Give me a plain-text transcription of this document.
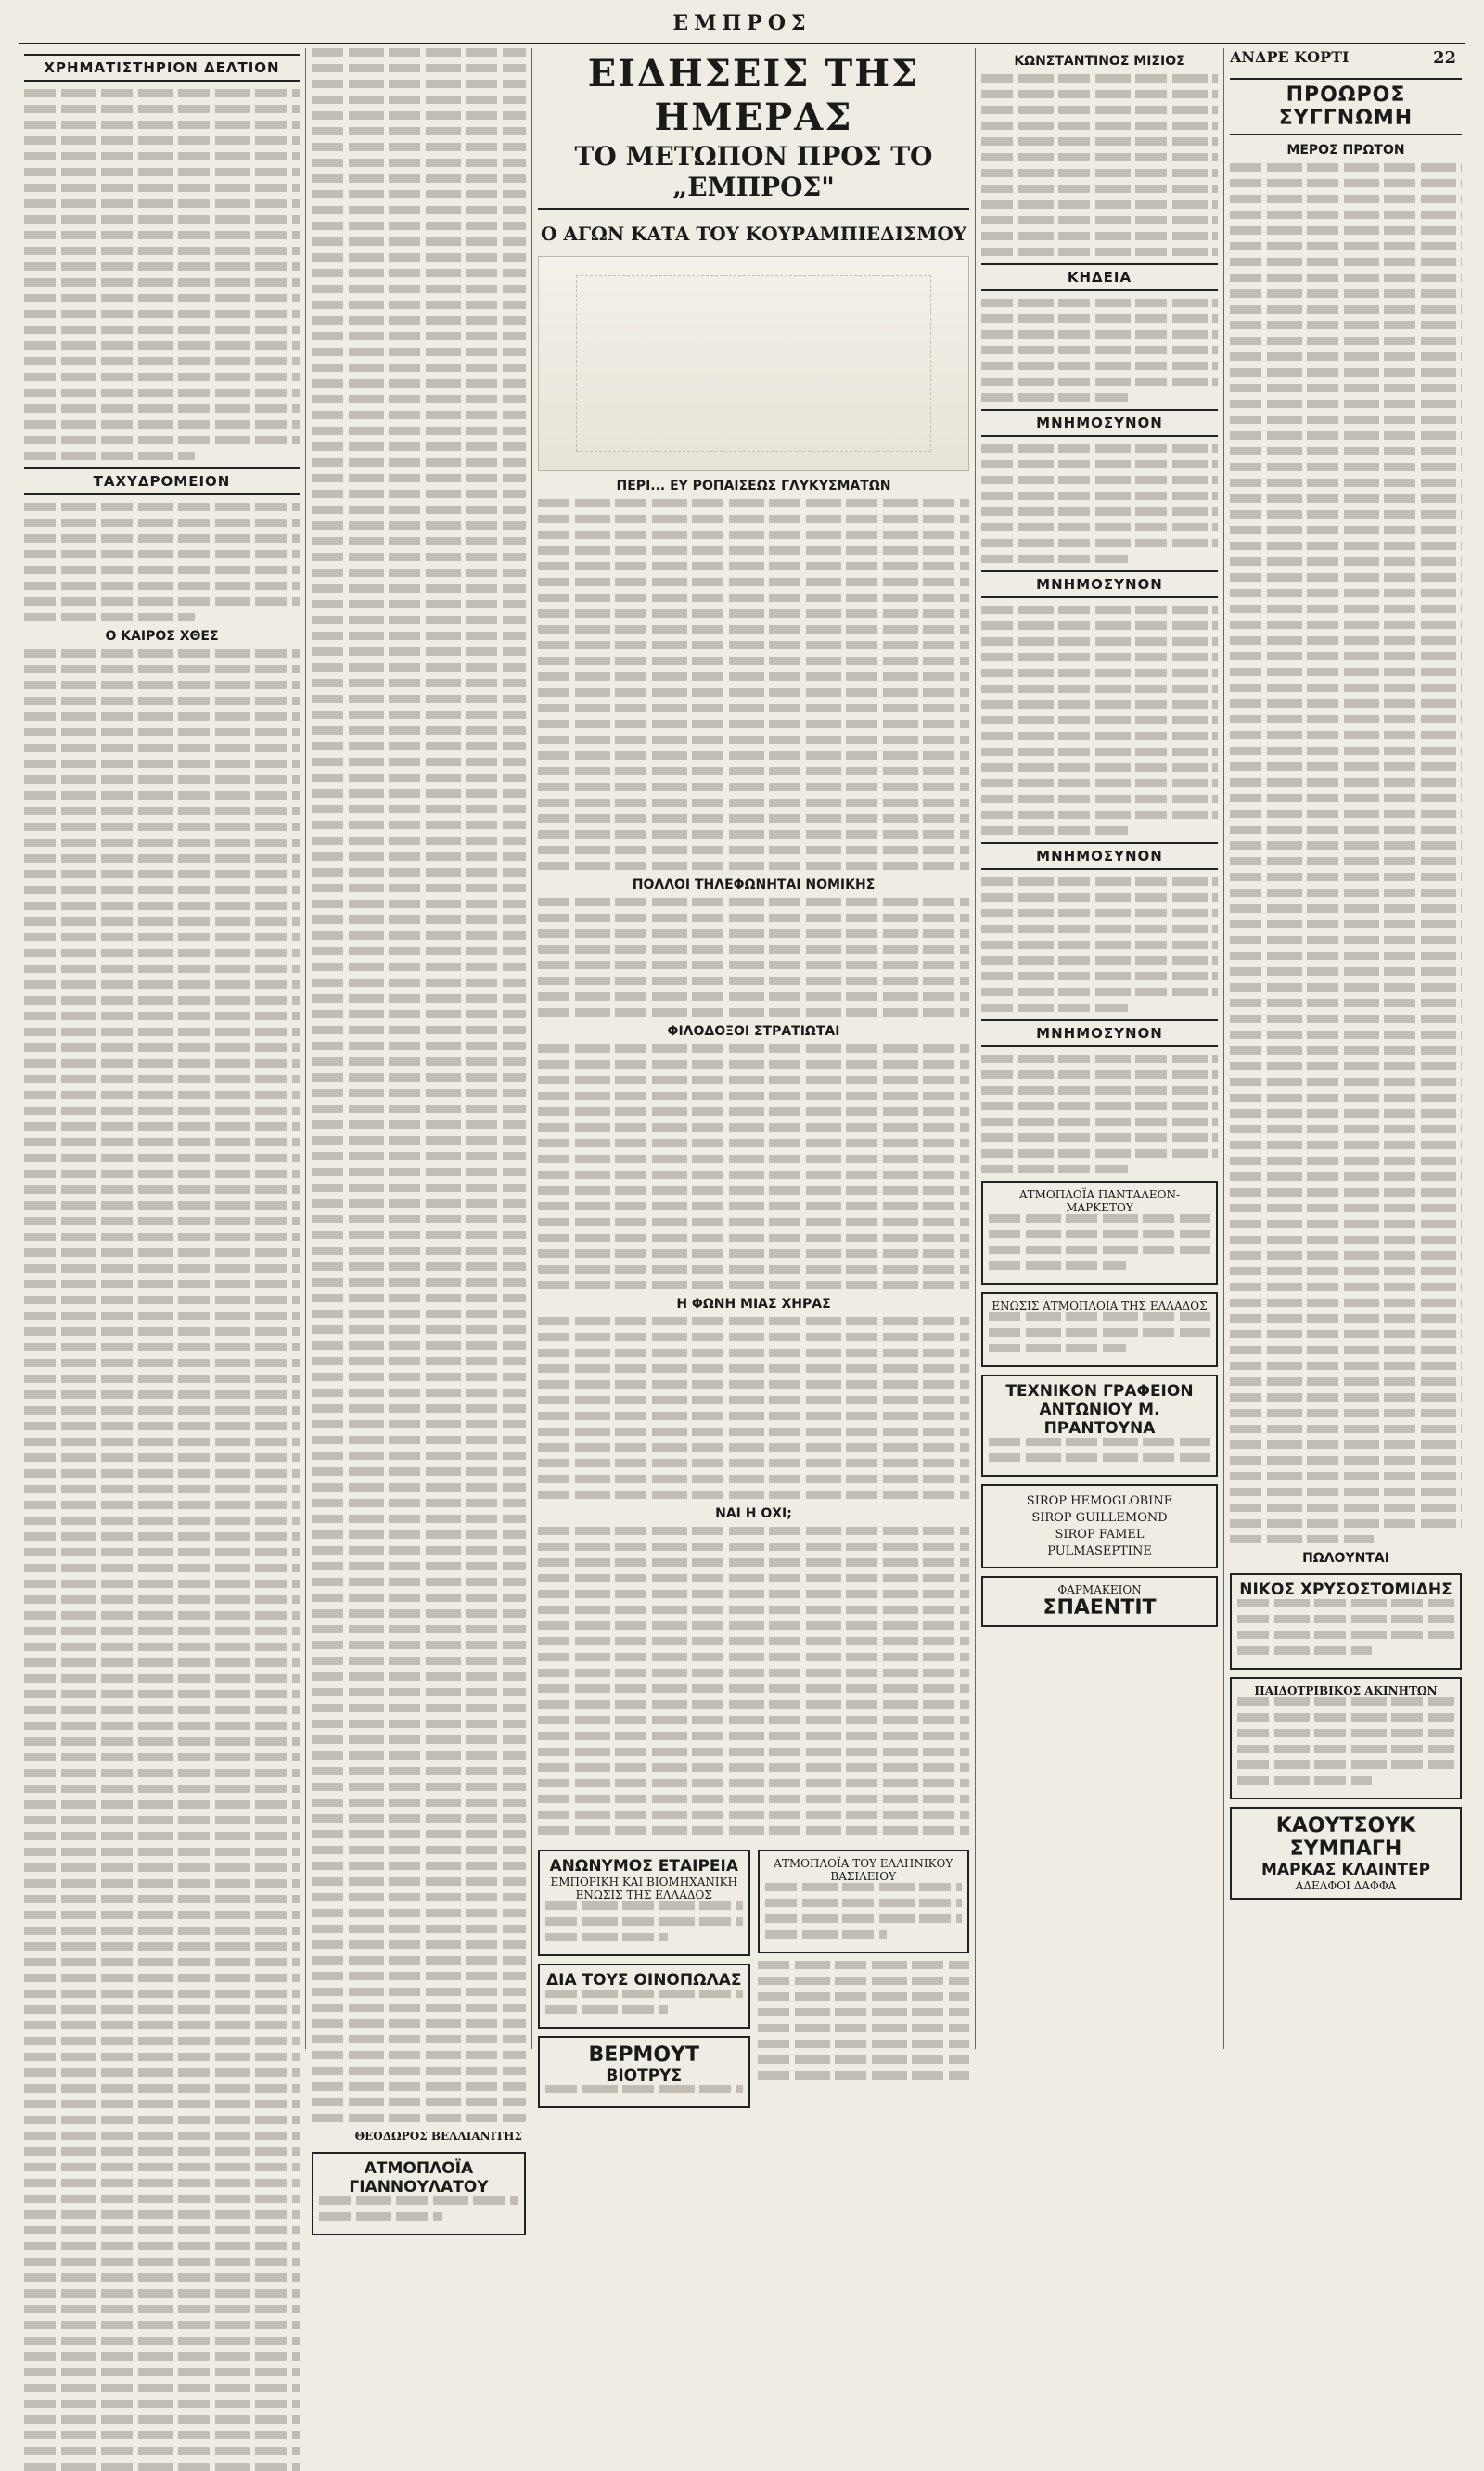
ΕΜΠΡΟΣ
ΧΡΗΜΑΤΙΣΤΗΡΙΟΝ ΔΕΛΤΙΟΝ
ΤΑΧΥΔΡΟΜΕΙΟΝ
Ο ΚΑΙΡΟΣ ΧΘΕΣ
ΘΕΟΔΩΡΟΣ ΒΕΛΛΙΑΝΙΤΗΣ
ΑΤΜΟΠΛΟΪΑ ΓΙΑΝΝΟΥΛΑΤΟΥ
ΕΙΔΗΣΕΙΣ ΤΗΣ ΗΜΕΡΑΣ
ΤΟ ΜΕΤΩΠΟΝ ΠΡΟΣ ΤΟ „ΕΜΠΡΟΣ"
Ο ΑΓΩΝ ΚΑΤΑ ΤΟΥ ΚΟΥΡΑΜΠΙΕΔΙΣΜΟΥ
ΠΕΡΙ... ΕΥ ΡΟΠΑΙΣΕΩΣ ΓΛΥΚΥΣΜΑΤΩΝ
ΠΟΛΛΟΙ ΤΗΛΕΦΩΝΗΤΑΙ ΝΟΜΙΚΗΣ
ΦΙΛΟΔΟΞΟΙ ΣΤΡΑΤΙΩΤΑΙ
Η ΦΩΝΗ ΜΙΑΣ ΧΗΡΑΣ
ΝΑΙ Η ΟΧΙ;
ΑΝΩΝΥΜΟΣ ΕΤΑΙΡΕΙΑ
ΕΜΠΟΡΙΚΗ ΚΑΙ ΒΙΟΜΗΧΑΝΙΚΗ ΕΝΩΣΙΣ ΤΗΣ ΕΛΛΑΔΟΣ
ΔΙΑ ΤΟΥΣ ΟΙΝΟΠΩΛΑΣ
ΒΕΡΜΟΥΤ
ΒΙΟΤΡΥΣ
ΑΤΜΟΠΛΟΪΑ ΤΟΥ ΕΛΛΗΝΙΚΟΥ ΒΑΣΙΛΕΙΟΥ
ΚΩΝΣΤΑΝΤΙΝΟΣ ΜΙΣΙΟΣ
ΚΗΔΕΙΑ
ΜΝΗΜΟΣΥΝΟΝ
ΜΝΗΜΟΣΥΝΟΝ
ΜΝΗΜΟΣΥΝΟΝ
ΜΝΗΜΟΣΥΝΟΝ
ΑΤΜΟΠΛΟΪΑ ΠΑΝΤΑΛΕΟΝ-ΜΑΡΚΕΤΟΥ
ΕΝΩΣΙΣ ΑΤΜΟΠΛΟΪΑ ΤΗΣ ΕΛΛΑΔΟΣ
ΤΕΧΝΙΚΟΝ ΓΡΑΦΕΙΟΝ
ΑΝΤΩΝΙΟΥ Μ. ΠΡΑΝΤΟΥΝΑ
SIROP HEMOGLOBINE
SIROP GUILLEMOND
SIROP FAMEL
PULMASEPTINE
ΦΑΡΜΑΚΕΙΟΝ
ΣΠΑΕΝΤΙΤ
ΑΝΔΡΕ ΚΟΡΤΙ	22
ΠΡΟΩΡΟΣ ΣΥΓΓΝΩΜΗ
ΜΕΡΟΣ ΠΡΩΤΟΝ
ΠΩΛΟΥΝΤΑΙ
ΝΙΚΟΣ ΧΡΥΣΟΣΤΟΜΙΔΗΣ
ΠΑΙΔΟΤΡΙΒΙΚΟΣ ΑΚΙΝΗΤΩΝ
ΚΑΟΥΤΣΟΥΚ ΣΥΜΠΑΓΗ
ΜΑΡΚΑΣ ΚΛΑΙΝΤΕΡ
ΑΔΕΛΦΟΙ ΔΑΦΦΑ
